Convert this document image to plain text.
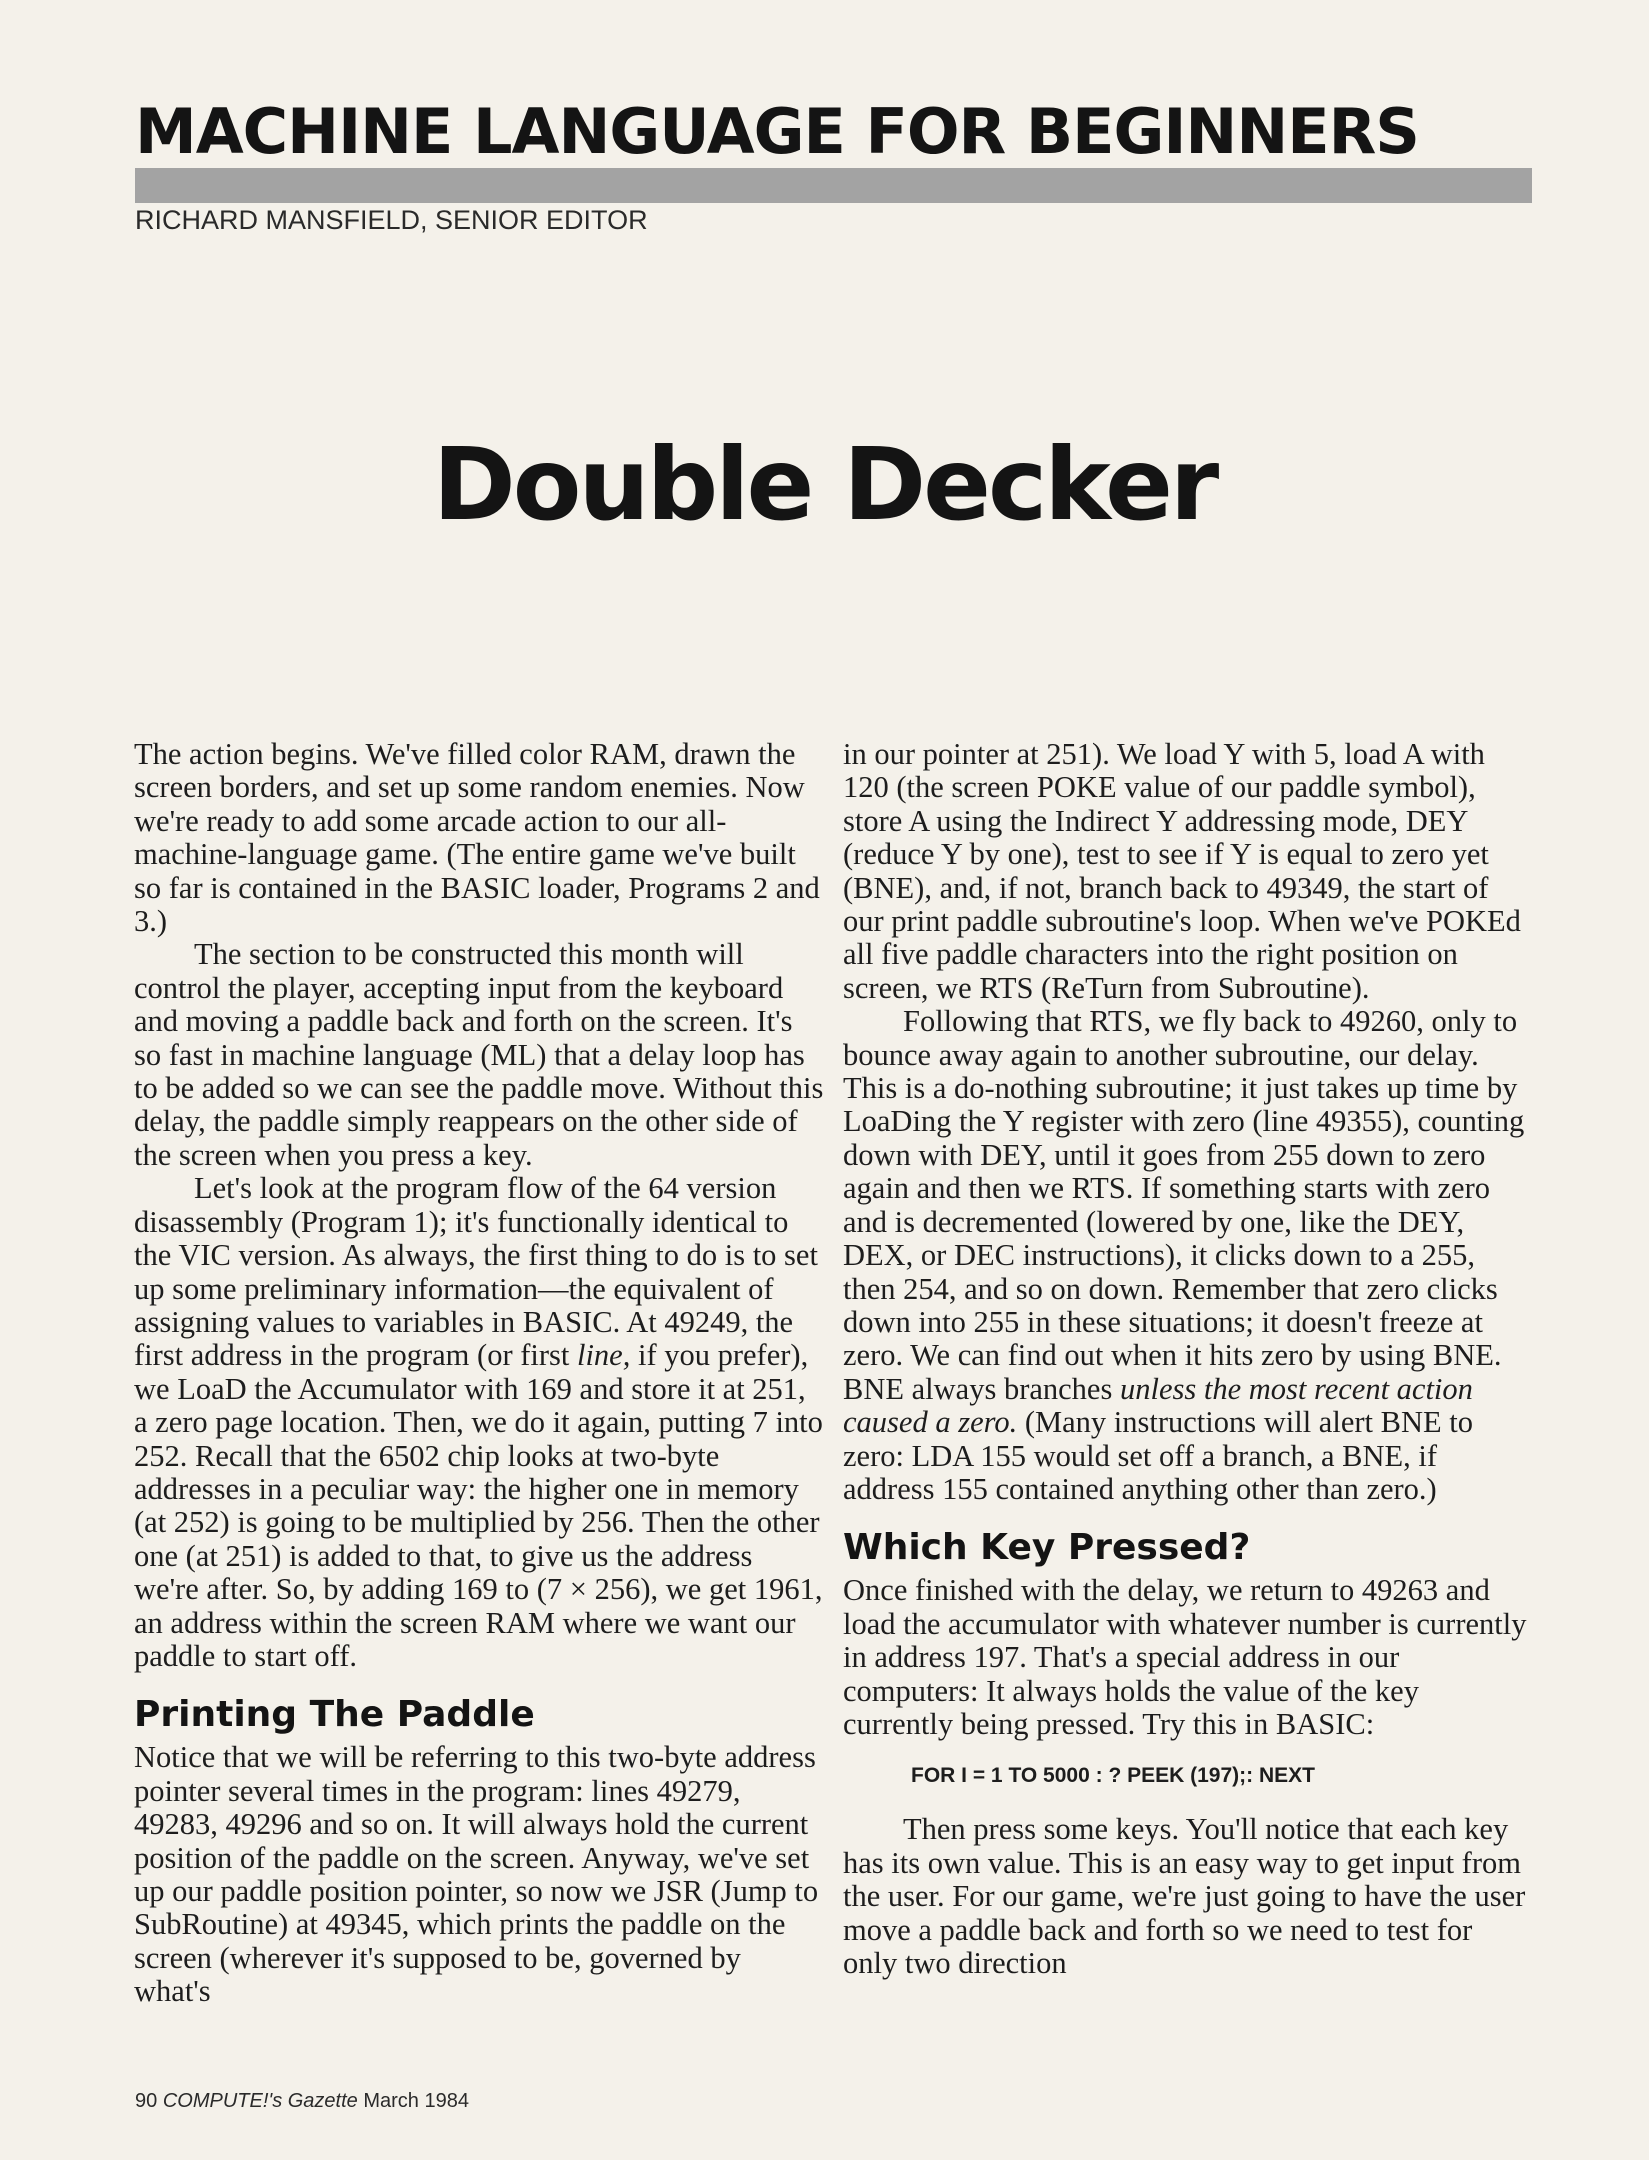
MACHINE LANGUAGE FOR BEGINNERS
RICHARD MANSFIELD, SENIOR EDITOR
Double Decker

The action begins. We've filled color RAM, drawn the screen borders, and set up some random enemies. Now we're ready to add some arcade action to our all-machine-language game. (The entire game we've built so far is contained in the BASIC loader, Programs 2 and 3.)

The section to be constructed this month will control the player, accepting input from the keyboard and moving a paddle back and forth on the screen. It's so fast in machine language (ML) that a delay loop has to be added so we can see the paddle move. Without this delay, the paddle simply reappears on the other side of the screen when you press a key.

Let's look at the program flow of the 64 version disassembly (Program 1); it's functionally identical to the VIC version. As always, the first thing to do is to set up some preliminary information—the equivalent of assigning values to variables in BASIC. At 49249, the first address in the program (or first line, if you prefer), we LoaD the Accumulator with 169 and store it at 251, a zero page location. Then, we do it again, putting 7 into 252. Recall that the 6502 chip looks at two-byte addresses in a peculiar way: the higher one in memory (at 252) is going to be multiplied by 256. Then the other one (at 251) is added to that, to give us the address we're after. So, by adding 169 to (7 × 256), we get 1961, an address within the screen RAM where we want our paddle to start off.

Printing The Paddle

Notice that we will be referring to this two-byte address pointer several times in the program: lines 49279, 49283, 49296 and so on. It will always hold the current position of the paddle on the screen. Anyway, we've set up our paddle position pointer, so now we JSR (Jump to SubRoutine) at 49345, which prints the paddle on the screen (wherever it's supposed to be, governed by what's

in our pointer at 251). We load Y with 5, load A with 120 (the screen POKE value of our paddle symbol), store A using the Indirect Y addressing mode, DEY (reduce Y by one), test to see if Y is equal to zero yet (BNE), and, if not, branch back to 49349, the start of our print paddle subroutine's loop. When we've POKEd all five paddle characters into the right position on screen, we RTS (ReTurn from Subroutine).

Following that RTS, we fly back to 49260, only to bounce away again to another subroutine, our delay. This is a do-nothing subroutine; it just takes up time by LoaDing the Y register with zero (line 49355), counting down with DEY, until it goes from 255 down to zero again and then we RTS. If something starts with zero and is decremented (lowered by one, like the DEY, DEX, or DEC instructions), it clicks down to a 255, then 254, and so on down. Remember that zero clicks down into 255 in these situations; it doesn't freeze at zero. We can find out when it hits zero by using BNE. BNE always branches unless the most recent action caused a zero. (Many instructions will alert BNE to zero: LDA 155 would set off a branch, a BNE, if address 155 contained anything other than zero.)

Which Key Pressed?

Once finished with the delay, we return to 49263 and load the accumulator with whatever number is currently in address 197. That's a special address in our computers: It always holds the value of the key currently being pressed. Try this in BASIC:

FOR I = 1 TO 5000 : ? PEEK (197);: NEXT

Then press some keys. You'll notice that each key has its own value. This is an easy way to get input from the user. For our game, we're just going to have the user move a paddle back and forth so we need to test for only two direction

90 COMPUTE!'s Gazette March 1984
